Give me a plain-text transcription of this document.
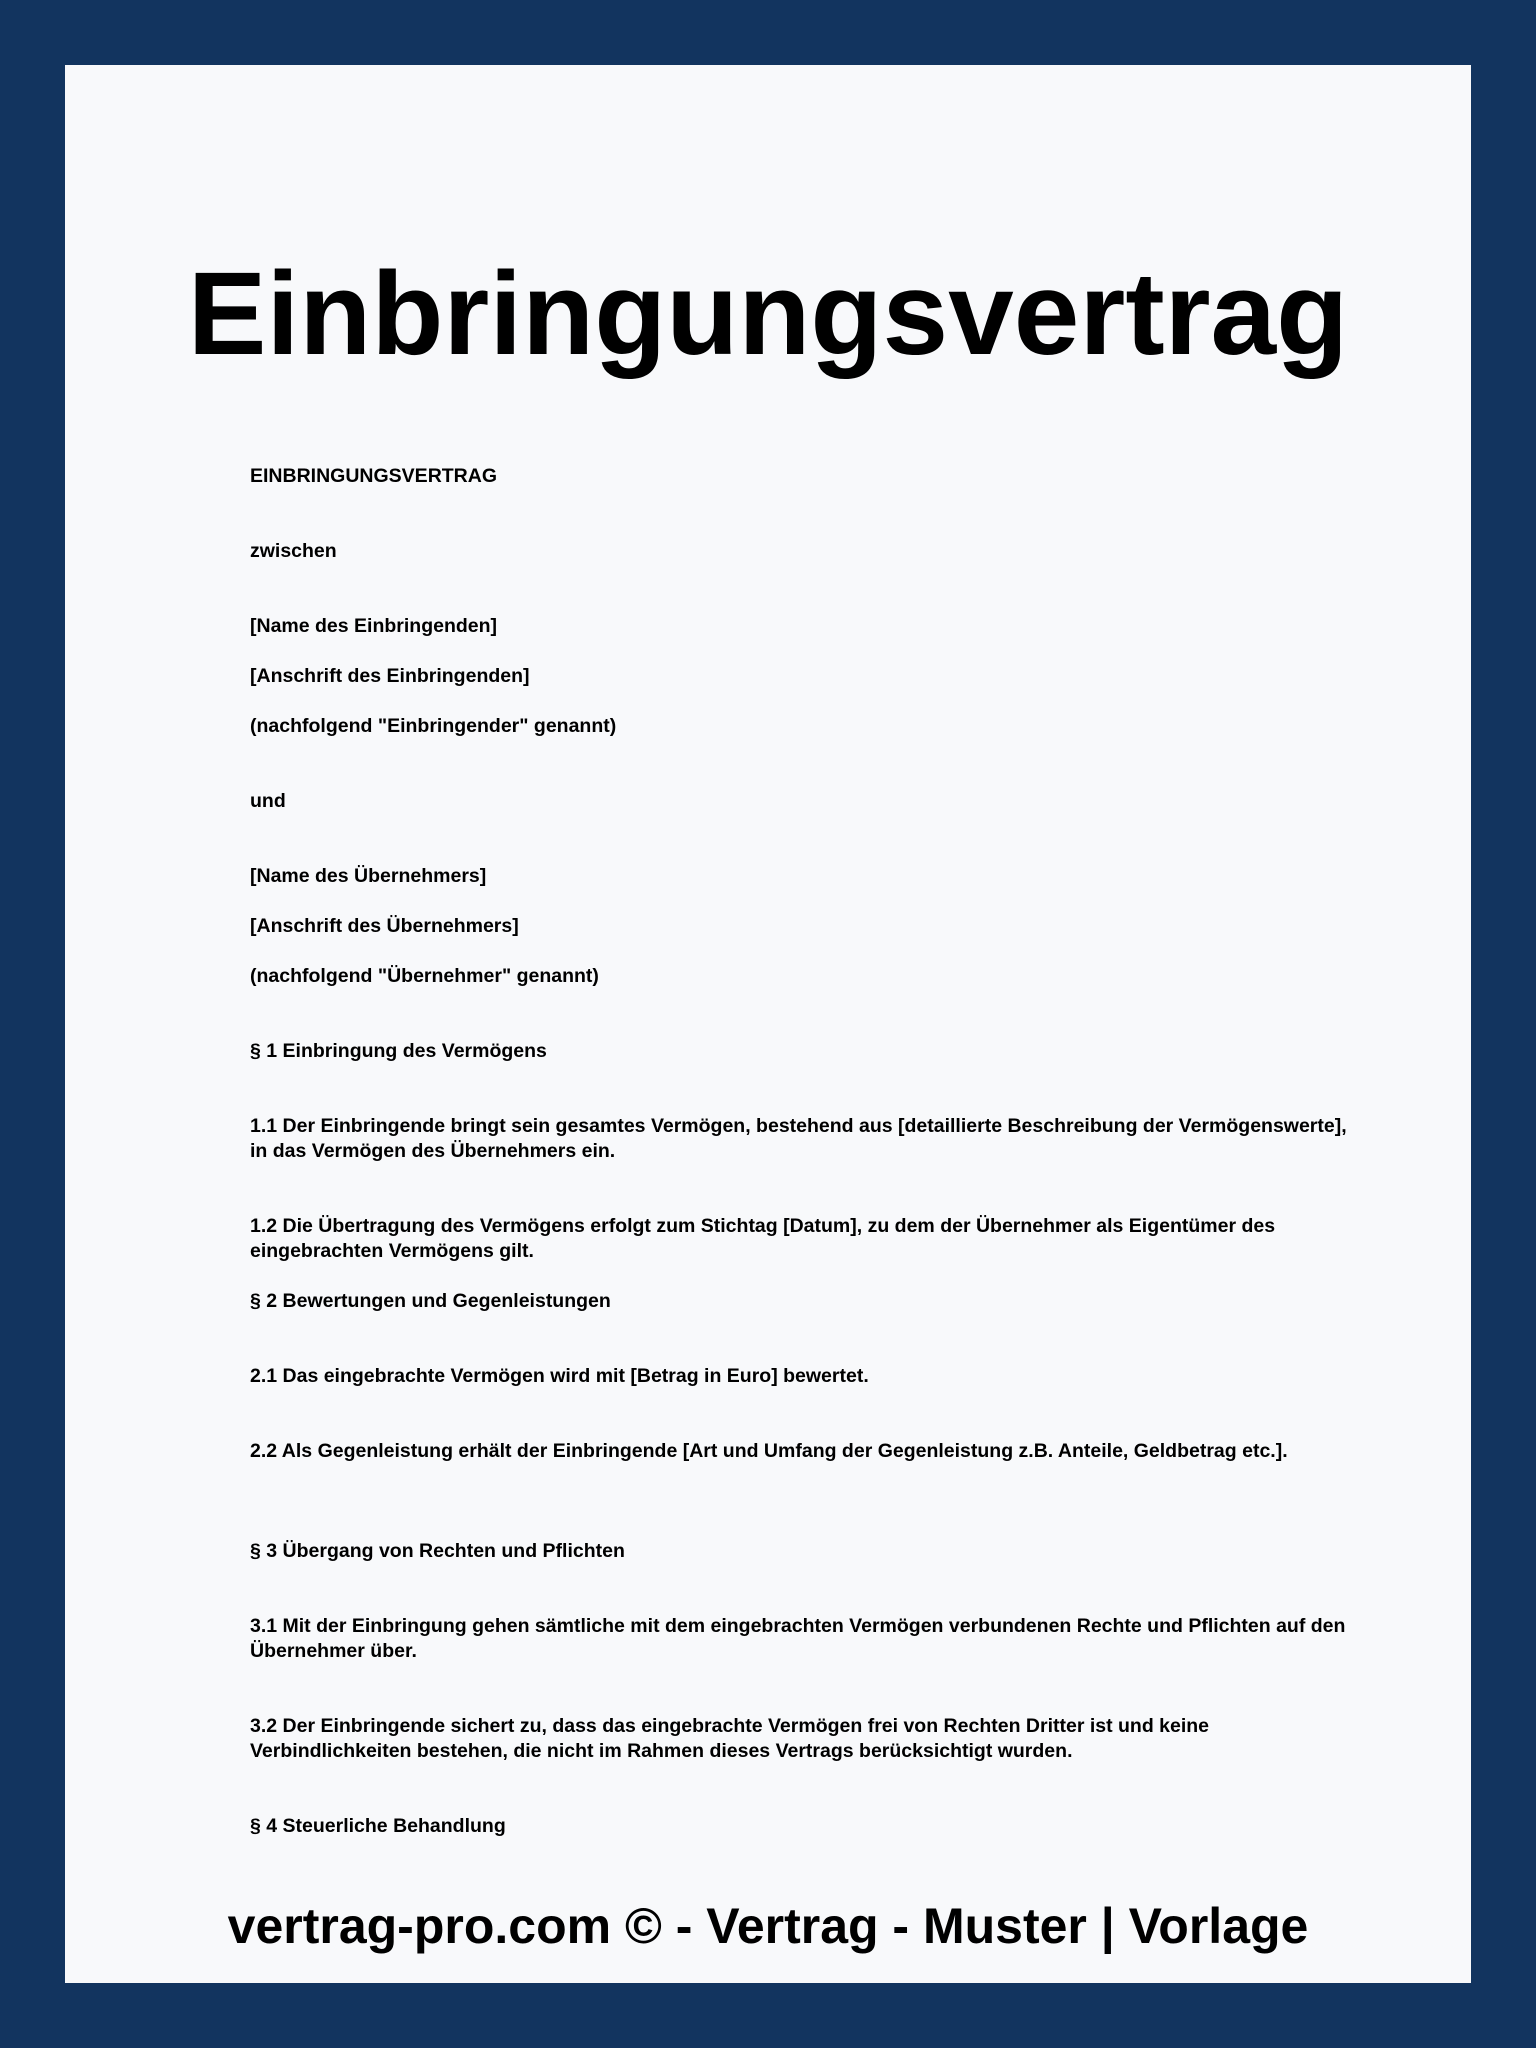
Einbringungsvertrag

EINBRINGUNGSVERTRAG

zwischen

[Name des Einbringenden]

[Anschrift des Einbringenden]

(nachfolgend "Einbringender" genannt)

und

[Name des Übernehmers]

[Anschrift des Übernehmers]

(nachfolgend "Übernehmer" genannt)

§ 1 Einbringung des Vermögens

1.1 Der Einbringende bringt sein gesamtes Vermögen, bestehend aus [detaillierte Beschreibung der Vermögenswerte], in das Vermögen des Übernehmers ein.

1.2 Die Übertragung des Vermögens erfolgt zum Stichtag [Datum], zu dem der Übernehmer als Eigentümer des eingebrachten Vermögens gilt.

§ 2 Bewertungen und Gegenleistungen

2.1 Das eingebrachte Vermögen wird mit [Betrag in Euro] bewertet.

2.2 Als Gegenleistung erhält der Einbringende [Art und Umfang der Gegenleistung z.B. Anteile, Geldbetrag etc.].

§ 3 Übergang von Rechten und Pflichten

3.1 Mit der Einbringung gehen sämtliche mit dem eingebrachten Vermögen verbundenen Rechte und Pflichten auf den Übernehmer über.

3.2 Der Einbringende sichert zu, dass das eingebrachte Vermögen frei von Rechten Dritter ist und keine Verbindlichkeiten bestehen, die nicht im Rahmen dieses Vertrags berücksichtigt wurden.

§ 4 Steuerliche Behandlung

vertrag-pro.com © - Vertrag - Muster | Vorlage
